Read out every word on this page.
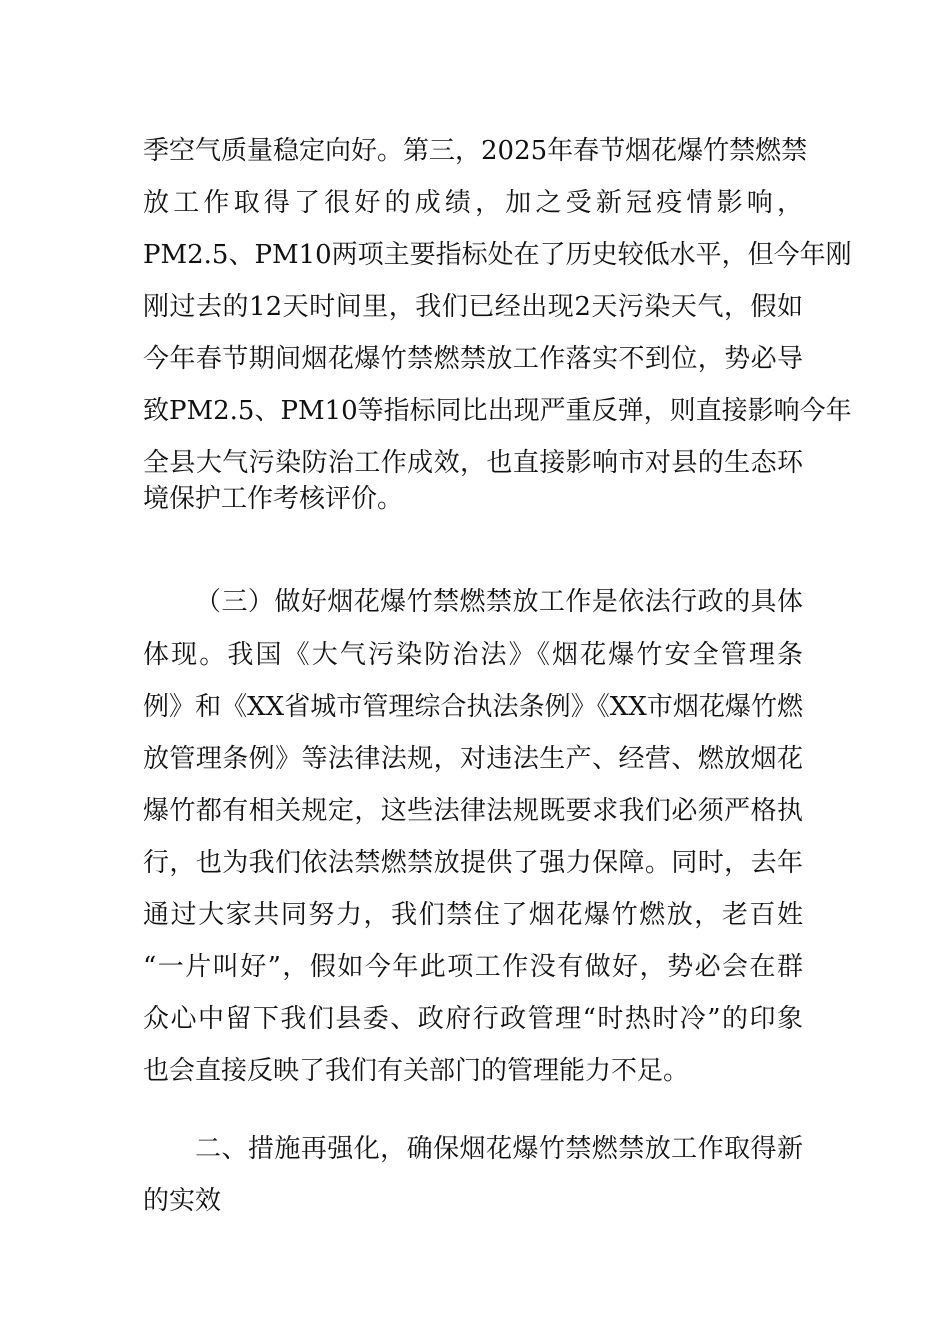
季空气质量稳定向好。第三，2025年春节烟花爆竹禁燃禁
放工作取得了很好的成绩，加之受新冠疫情影响，
PM2.5、PM10两项主要指标处在了历史较低水平，但今年刚
刚过去的12天时间里，我们已经出现2天污染天气，假如
今年春节期间烟花爆竹禁燃禁放工作落实不到位，势必导
致PM2.5、PM10等指标同比出现严重反弹，则直接影响今年
全县大气污染防治工作成效，也直接影响市对县的生态环
境保护工作考核评价。
（三）做好烟花爆竹禁燃禁放工作是依法行政的具体
体现。我国《大气污染防治法》《烟花爆竹安全管理条
例》和《XX省城市管理综合执法条例》《XX市烟花爆竹燃
放管理条例》等法律法规，对违法生产、经营、燃放烟花
爆竹都有相关规定，这些法律法规既要求我们必须严格执
行，也为我们依法禁燃禁放提供了强力保障。同时，去年
通过大家共同努力，我们禁住了烟花爆竹燃放，老百姓
“一片叫好”，假如今年此项工作没有做好，势必会在群
众心中留下我们县委、政府行政管理“时热时冷”的印象
也会直接反映了我们有关部门的管理能力不足。
二、措施再强化，确保烟花爆竹禁燃禁放工作取得新
的实效
